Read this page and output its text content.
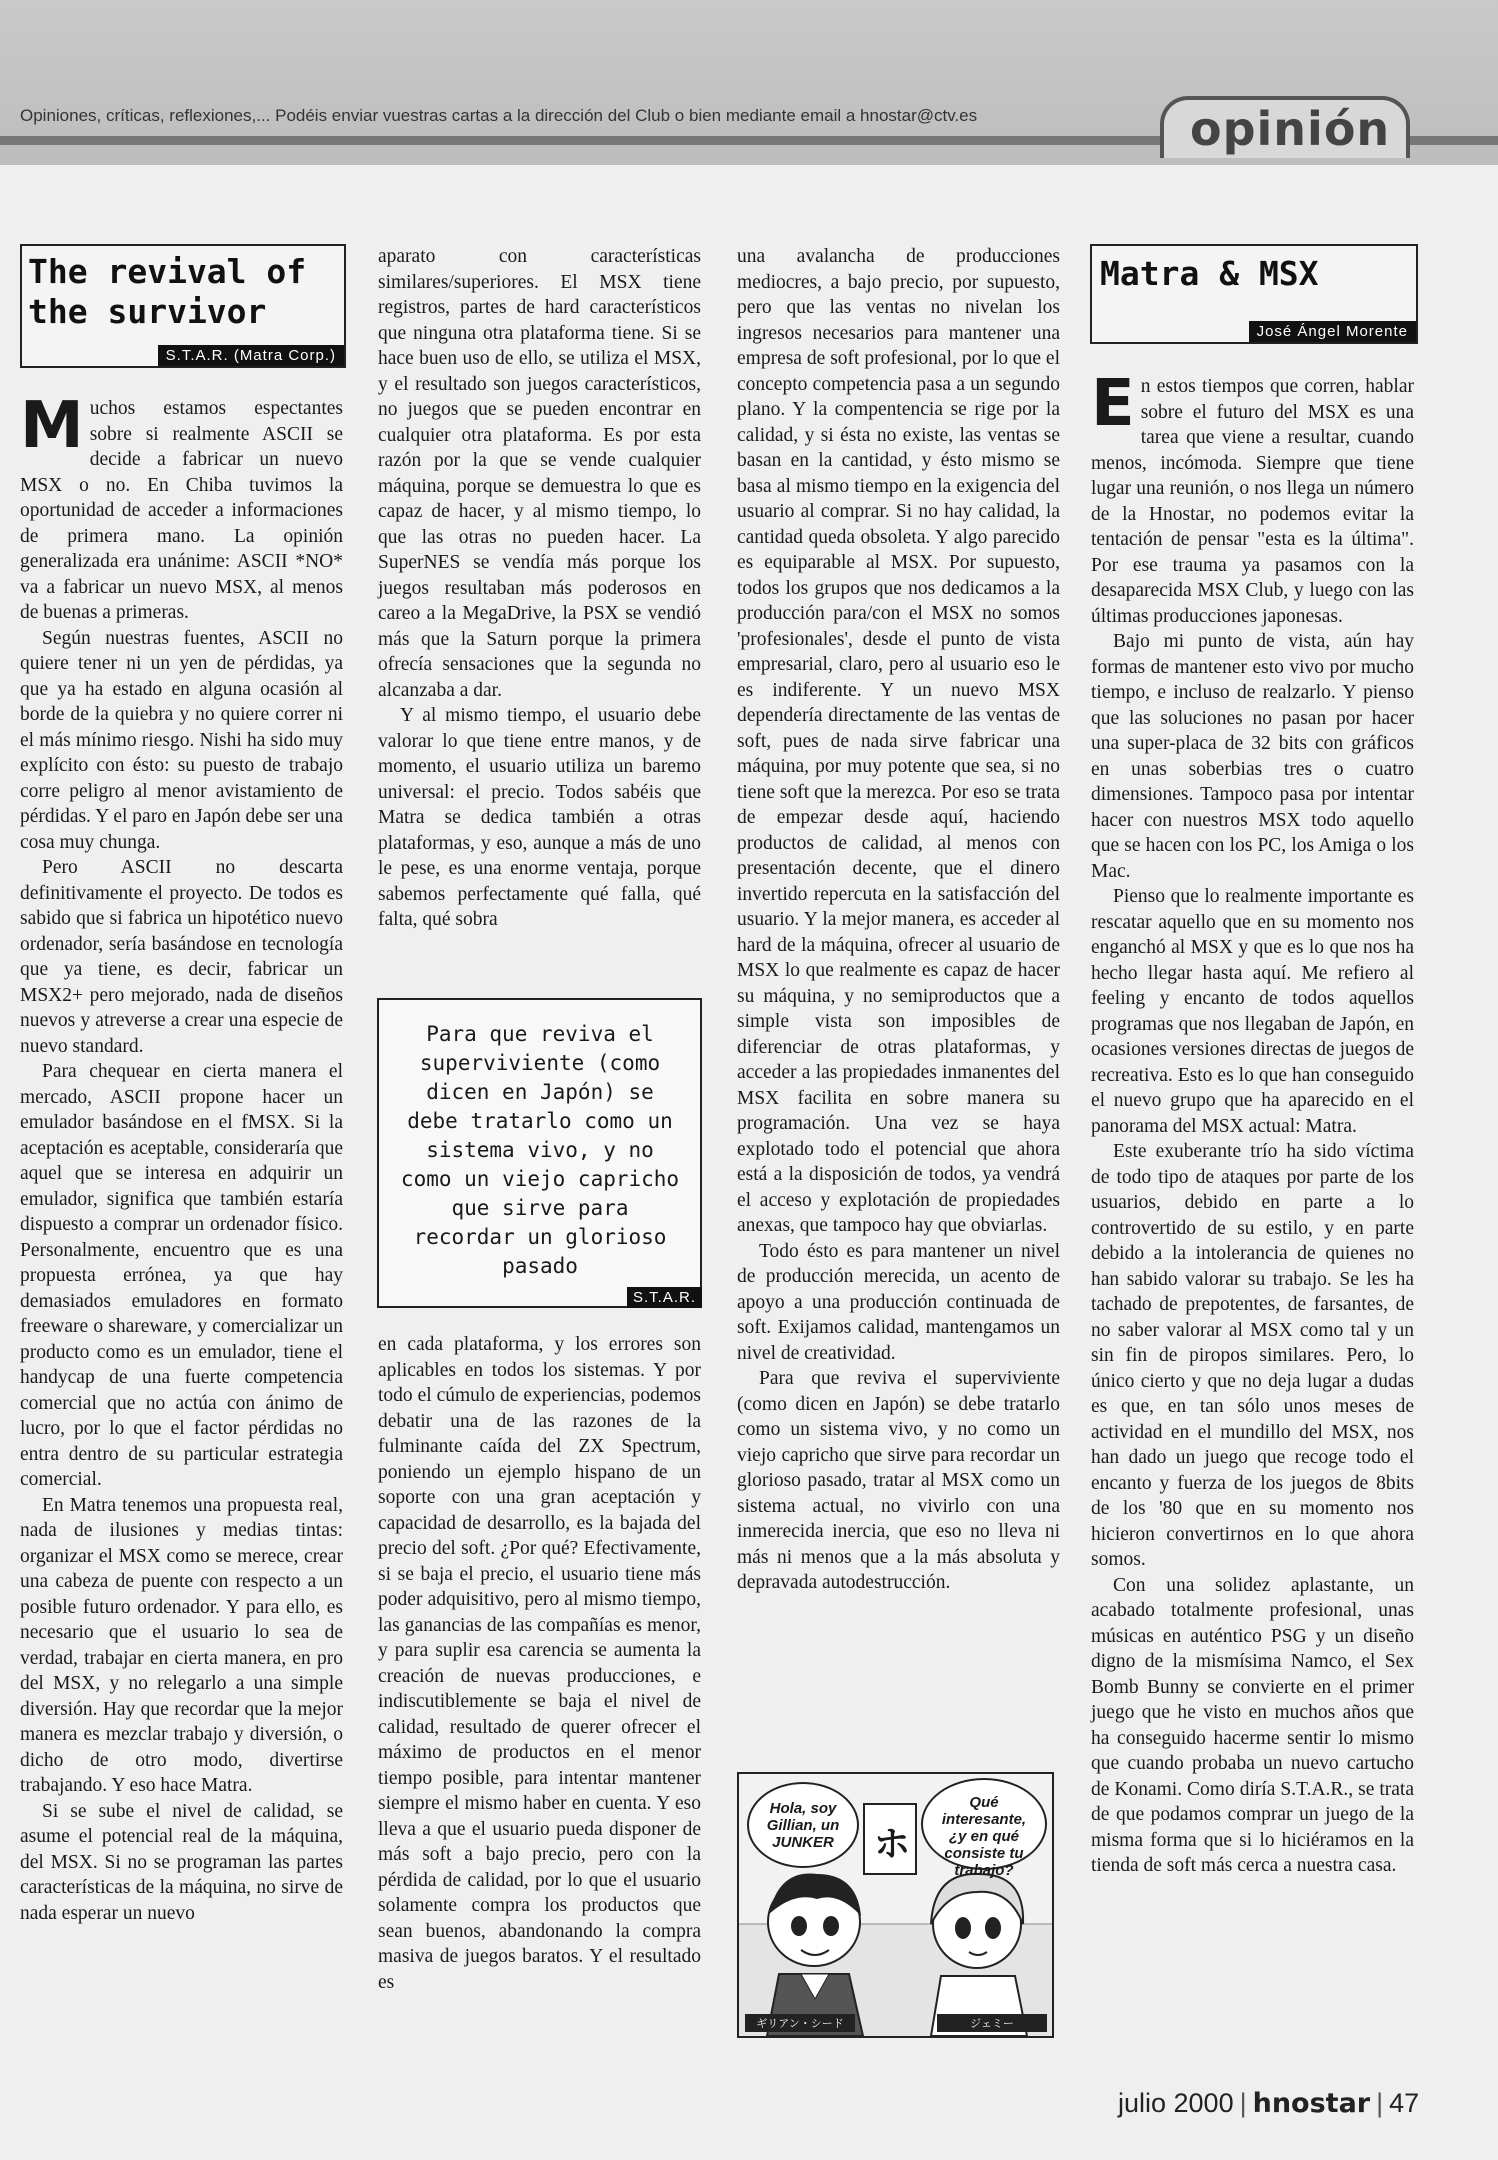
Opiniones, críticas, reflexiones,... Podéis enviar vuestras cartas a la dirección del Club o bien mediante email a hnostar@ctv.es	opinión
The revival of the survivor
S.T.A.R. (Matra Corp.)

Muchos estamos espectantes sobre si realmente ASCII se decide a fabricar un nuevo MSX o no. En Chiba tuvimos la oportunidad de acceder a informaciones de primera mano. La opinión generalizada era unánime: ASCII *NO* va a fabricar un nuevo MSX, al menos de buenas a primeras.

Según nuestras fuentes, ASCII no quiere tener ni un yen de pérdidas, ya que ya ha estado en alguna ocasión al borde de la quiebra y no quiere correr ni el más mínimo riesgo. Nishi ha sido muy explícito con ésto: su puesto de trabajo corre peligro al menor avistamiento de pérdidas. Y el paro en Japón debe ser una cosa muy chunga.

Pero ASCII no descarta definitivamente el proyecto. De todos es sabido que si fabrica un hipotético nuevo ordenador, sería basándose en tecnología que ya tiene, es decir, fabricar un MSX2+ pero mejorado, nada de diseños nuevos y atreverse a crear una especie de nuevo standard.

Para chequear en cierta manera el mercado, ASCII propone hacer un emulador basándose en el fMSX. Si la aceptación es aceptable, consideraría que aquel que se interesa en adquirir un emulador, significa que también estaría dispuesto a comprar un ordenador físico. Personalmente, encuentro que es una propuesta errónea, ya que hay demasiados emuladores en formato freeware o shareware, y comercializar un producto como es un emulador, tiene el handycap de una fuerte competencia comercial que no actúa con ánimo de lucro, por lo que el factor pérdidas no entra dentro de su particular estrategia comercial.

En Matra tenemos una propuesta real, nada de ilusiones y medias tintas: organizar el MSX como se merece, crear una cabeza de puente con respecto a un posible futuro ordenador. Y para ello, es necesario que el usuario lo sea de verdad, trabajar en cierta manera, en pro del MSX, y no relegarlo a una simple diversión. Hay que recordar que la mejor manera es mezclar trabajo y diversión, o dicho de otro modo, divertirse trabajando. Y eso hace Matra.

Si se sube el nivel de calidad, se asume el potencial real de la máquina, del MSX. Si no se programan las partes características de la máquina, no sirve de nada esperar un nuevo

aparato con características similares/superiores. El MSX tiene registros, partes de hard característicos que ninguna otra plataforma tiene. Si se hace buen uso de ello, se utiliza el MSX, y el resultado son juegos característicos, no juegos que se pueden encontrar en cualquier otra plataforma. Es por esta razón por la que se vende cualquier máquina, porque se demuestra lo que es capaz de hacer, y al mismo tiempo, lo que las otras no pueden hacer. La SuperNES se vendía más porque los juegos resultaban más poderosos en careo a la MegaDrive, la PSX se vendió más que la Saturn porque la primera ofrecía sensaciones que la segunda no alcanzaba a dar.

Y al mismo tiempo, el usuario debe valorar lo que tiene entre manos, y de momento, el usuario utiliza un baremo universal: el precio. Todos sabéis que Matra se dedica también a otras plataformas, y eso, aunque a más de uno le pese, es una enorme ventaja, porque sabemos perfectamente qué falla, qué falta, qué sobra

Para que reviva el superviviente (como dicen en Japón) se debe tratarlo como un sistema vivo, y no como un viejo capricho que sirve para recordar un glorioso pasado
S.T.A.R.

en cada plataforma, y los errores son aplicables en todos los sistemas. Y por todo el cúmulo de experiencias, podemos debatir una de las razones de la fulminante caída del ZX Spectrum, poniendo un ejemplo hispano de un soporte con una gran aceptación y capacidad de desarrollo, es la bajada del precio del soft. ¿Por qué? Efectivamente, si se baja el precio, el usuario tiene más poder adquisitivo, pero al mismo tiempo, las ganancias de las compañías es menor, y para suplir esa carencia se aumenta la creación de nuevas producciones, e indiscutiblemente se baja el nivel de calidad, resultado de querer ofrecer el máximo de productos en el menor tiempo posible, para intentar mantener siempre el mismo haber en cuenta. Y eso lleva a que el usuario pueda disponer de más soft a bajo precio, pero con la pérdida de calidad, por lo que el usuario solamente compra los productos que sean buenos, abandonando la compra masiva de juegos baratos. Y el resultado es

una avalancha de producciones mediocres, a bajo precio, por supuesto, pero que las ventas no nivelan los ingresos necesarios para mantener una empresa de soft profesional, por lo que el concepto competencia pasa a un segundo plano. Y la compentencia se rige por la calidad, y si ésta no existe, las ventas se basan en la cantidad, y ésto mismo se basa al mismo tiempo en la exigencia del usuario al comprar. Si no hay calidad, la cantidad queda obsoleta. Y algo parecido es equiparable al MSX. Por supuesto, todos los grupos que nos dedicamos a la producción para/con el MSX no somos 'profesionales', desde el punto de vista empresarial, claro, pero al usuario eso le es indiferente. Y un nuevo MSX dependería directamente de las ventas de soft, pues de nada sirve fabricar una máquina, por muy potente que sea, si no tiene soft que la merezca. Por eso se trata de empezar desde aquí, haciendo productos de calidad, al menos con presentación decente, que el dinero invertido repercuta en la satisfacción del usuario. Y la mejor manera, es acceder al hard de la máquina, ofrecer al usuario de MSX lo que realmente es capaz de hacer su máquina, y no semiproductos que a simple vista son imposibles de diferenciar de otras plataformas, y acceder a las propiedades inmanentes del MSX facilita en sobre manera su programación. Una vez se haya explotado todo el potencial que ahora está a la disposición de todos, ya vendrá el acceso y explotación de propiedades anexas, que tampoco hay que obviarlas.

Todo ésto es para mantener un nivel de producción merecida, un acento de apoyo a una producción continuada de soft. Exijamos calidad, mantengamos un nivel de creatividad.

Para que reviva el superviviente (como dicen en Japón) se debe tratarlo como un sistema vivo, y no como un viejo capricho que sirve para recordar un glorioso pasado, tratar al MSX como un sistema actual, no vivirlo con una inmerecida inercia, que eso no lleva ni más ni menos que a la más absoluta y depravada autodestrucción.

Hola, soy Gillian, un JUNKER
Qué interesante, ¿y en qué consiste tu trabajo?
ホ
ギリアン・シード	ジェミー
Matra & MSX
José Ángel Morente

En estos tiempos que corren, hablar sobre el futuro del MSX es una tarea que viene a resultar, cuando menos, incómoda. Siempre que tiene lugar una reunión, o nos llega un número de la Hnostar, no podemos evitar la tentación de pensar "esta es la última". Por ese trauma ya pasamos con la desaparecida MSX Club, y luego con las últimas producciones japonesas.

Bajo mi punto de vista, aún hay formas de mantener esto vivo por mucho tiempo, e incluso de realzarlo. Y pienso que las soluciones no pasan por hacer una super-placa de 32 bits con gráficos en unas soberbias tres o cuatro dimensiones. Tampoco pasa por intentar hacer con nuestros MSX todo aquello que se hacen con los PC, los Amiga o los Mac.

Pienso que lo realmente importante es rescatar aquello que en su momento nos enganchó al MSX y que es lo que nos ha hecho llegar hasta aquí. Me refiero al feeling y encanto de todos aquellos programas que nos llegaban de Japón, en ocasiones versiones directas de juegos de recreativa. Esto es lo que han conseguido el nuevo grupo que ha aparecido en el panorama del MSX actual: Matra.

Este exuberante trío ha sido víctima de todo tipo de ataques por parte de los usuarios, debido en parte a lo controvertido de su estilo, y en parte debido a la intolerancia de quienes no han sabido valorar su trabajo. Se les ha tachado de prepotentes, de farsantes, de no saber valorar al MSX como tal y un sin fin de piropos similares. Pero, lo único cierto y que no deja lugar a dudas es que, en tan sólo unos meses de actividad en el mundillo del MSX, nos han dado un juego que recoge todo el encanto y fuerza de los juegos de 8bits de los '80 que en su momento nos hicieron convertirnos en lo que ahora somos.

Con una solidez aplastante, un acabado totalmente profesional, unas músicas en auténtico PSG y un diseño digno de la mismísima Namco, el Sex Bomb Bunny se convierte en el primer juego que he visto en muchos años que ha conseguido hacerme sentir lo mismo que cuando probaba un nuevo cartucho de Konami. Como diría S.T.A.R., se trata de que podamos comprar un juego de la misma forma que si lo hiciéramos en la tienda de soft más cerca a nuestra casa.

julio 2000 | hnostar | 47
